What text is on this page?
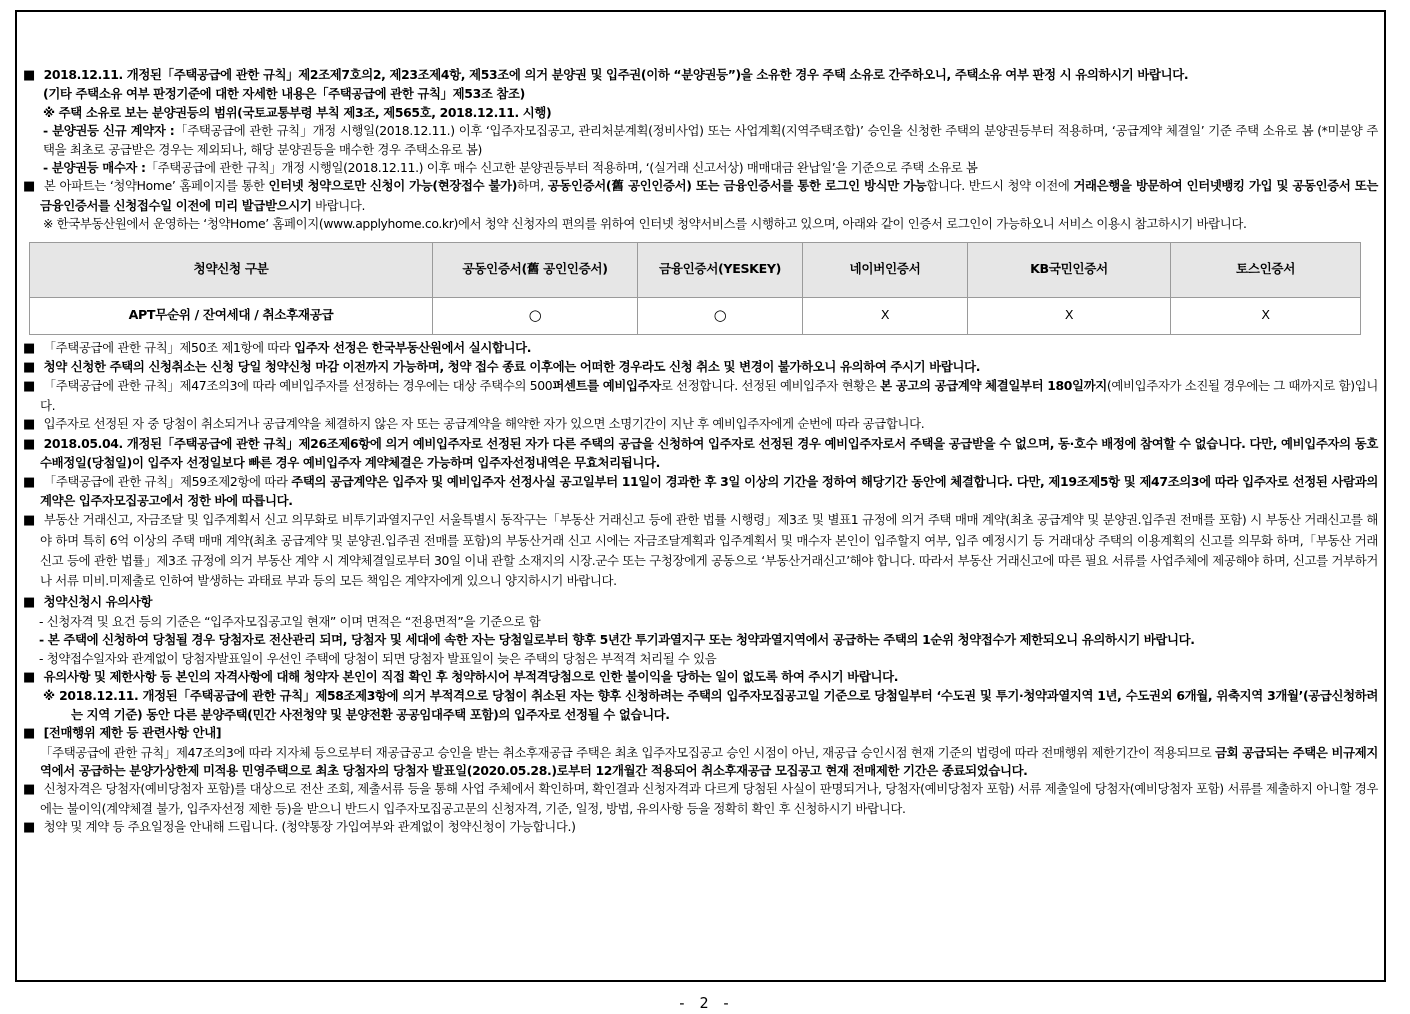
■ 2018.12.11. 개정된「주택공급에 관한 규칙」제2조제7호의2, 제23조제4항, 제53조에 의거 분양권 및 입주권(이하 “분양권등”)을 소유한 경우 주택 소유로 간주하오니, 주택소유 여부 판정 시 유의하시기 바랍니다.
(기타 주택소유 여부 판정기준에 대한 자세한 내용은「주택공급에 관한 규칙」제53조 참조)
※ 주택 소유로 보는 분양권등의 범위(국토교통부령 부칙 제3조, 제565호, 2018.12.11. 시행)
- 분양권등 신규 계약자 :「주택공급에 관한 규칙」개정 시행일(2018.12.11.) 이후 ‘입주자모집공고, 관리처분계획(정비사업) 또는 사업계획(지역주택조합)’ 승인을 신청한 주택의 분양권등부터 적용하며, ‘공급계약 체결일’ 기준 주택 소유로 봄 (*미분양 주택을 최초로 공급받은 경우는 제외되나, 해당 분양권등을 매수한 경우 주택소유로 봄)
- 분양권등 매수자 :「주택공급에 관한 규칙」개정 시행일(2018.12.11.) 이후 매수 신고한 분양권등부터 적용하며, ‘(실거래 신고서상) 매매대금 완납일’을 기준으로 주택 소유로 봄
■ 본 아파트는 ‘청약Home’ 홈페이지를 통한 인터넷 청약으로만 신청이 가능(현장접수 불가)하며, 공동인증서(舊 공인인증서) 또는 금융인증서를 통한 로그인 방식만 가능합니다. 반드시 청약 이전에 거래은행을 방문하여 인터넷뱅킹 가입 및 공동인증서 또는 금융인증서를 신청접수일 이전에 미리 발급받으시기 바랍니다.
※ 한국부동산원에서 운영하는 ‘청약Home’ 홈페이지(www.applyhome.co.kr)에서 청약 신청자의 편의를 위하여 인터넷 청약서비스를 시행하고 있으며, 아래와 같이 인증서 로그인이 가능하오니 서비스 이용시 참고하시기 바랍니다.
청약신청 구분	공동인증서(舊 공인인증서)	금융인증서(YESKEY)	네이버인증서	KB국민인증서	토스인증서
APT무순위 / 잔여세대 / 취소후재공급	○	○	X	X	X
■ 「주택공급에 관한 규칙」제50조 제1항에 따라 입주자 선정은 한국부동산원에서 실시합니다.
■ 청약 신청한 주택의 신청취소는 신청 당일 청약신청 마감 이전까지 가능하며, 청약 접수 종료 이후에는 어떠한 경우라도 신청 취소 및 변경이 불가하오니 유의하여 주시기 바랍니다.
■ 「주택공급에 관한 규칙」제47조의3에 따라 예비입주자를 선정하는 경우에는 대상 주택수의 500퍼센트를 예비입주자로 선정합니다. 선정된 예비입주자 현황은 본 공고의 공급계약 체결일부터 180일까지(예비입주자가 소진될 경우에는 그 때까지로 함)입니다.
■ 입주자로 선정된 자 중 당첨이 취소되거나 공급계약을 체결하지 않은 자 또는 공급계약을 해약한 자가 있으면 소명기간이 지난 후 예비입주자에게 순번에 따라 공급합니다.
■ 2018.05.04. 개정된「주택공급에 관한 규칙」제26조제6항에 의거 예비입주자로 선정된 자가 다른 주택의 공급을 신청하여 입주자로 선정된 경우 예비입주자로서 주택을 공급받을 수 없으며, 동·호수 배정에 참여할 수 없습니다. 다만, 예비입주자의 동호수배정일(당첨일)이 입주자 선정일보다 빠른 경우 예비입주자 계약체결은 가능하며 입주자선정내역은 무효처리됩니다.
■ 「주택공급에 관한 규칙」제59조제2항에 따라 주택의 공급계약은 입주자 및 예비입주자 선정사실 공고일부터 11일이 경과한 후 3일 이상의 기간을 정하여 해당기간 동안에 체결합니다. 다만, 제19조제5항 및 제47조의3에 따라 입주자로 선정된 사람과의 계약은 입주자모집공고에서 정한 바에 따릅니다.
■ 부동산 거래신고, 자금조달 및 입주계획서 신고 의무화로 비투기과열지구인 서울특별시 동작구는「부동산 거래신고 등에 관한 법률 시행령」제3조 및 별표1 규정에 의거 주택 매매 계약(최초 공급계약 및 분양권.입주권 전매를 포함) 시 부동산 거래신고를 해야 하며 특히 6억 이상의 주택 매매 계약(최초 공급계약 및 분양권.입주권 전매를 포함)의 부동산거래 신고 시에는 자금조달계획과 입주계획서 및 매수자 본인이 입주할지 여부, 입주 예정시기 등 거래대상 주택의 이용계획의 신고를 의무화 하며,「부동산 거래신고 등에 관한 법률」제3조 규정에 의거 부동산 계약 시 계약체결일로부터 30일 이내 관할 소재지의 시장.군수 또는 구청장에게 공동으로 ‘부동산거래신고’해야 합니다. 따라서 부동산 거래신고에 따른 필요 서류를 사업주체에 제공해야 하며, 신고를 거부하거나 서류 미비.미제출로 인하여 발생하는 과태료 부과 등의 모든 책임은 계약자에게 있으니 양지하시기 바랍니다.
■ 청약신청시 유의사항
- 신청자격 및 요건 등의 기준은 “입주자모집공고일 현재” 이며 면적은 “전용면적”을 기준으로 함
- 본 주택에 신청하여 당첨될 경우 당첨자로 전산관리 되며, 당첨자 및 세대에 속한 자는 당첨일로부터 향후 5년간 투기과열지구 또는 청약과열지역에서 공급하는 주택의 1순위 청약접수가 제한되오니 유의하시기 바랍니다.
- 청약접수일자와 관계없이 당첨자발표일이 우선인 주택에 당첨이 되면 당첨자 발표일이 늦은 주택의 당첨은 부적격 처리될 수 있음
■ 유의사항 및 제한사항 등 본인의 자격사항에 대해 청약자 본인이 직접 확인 후 청약하시어 부적격당첨으로 인한 불이익을 당하는 일이 없도록 하여 주시기 바랍니다.
※ 2018.12.11. 개정된「주택공급에 관한 규칙」제58조제3항에 의거 부적격으로 당첨이 취소된 자는 향후 신청하려는 주택의 입주자모집공고일 기준으로 당첨일부터 ‘수도권 및 투기·청약과열지역 1년, 수도권외 6개월, 위축지역 3개월’(공급신청하려는 지역 기준) 동안 다른 분양주택(민간 사전청약 및 분양전환 공공임대주택 포함)의 입주자로 선정될 수 없습니다.
■ [전매행위 제한 등 관련사항 안내]
「주택공급에 관한 규칙」제47조의3에 따라 지자체 등으로부터 재공급공고 승인을 받는 취소후재공급 주택은 최초 입주자모집공고 승인 시점이 아닌, 재공급 승인시점 현재 기준의 법령에 따라 전매행위 제한기간이 적용되므로 금회 공급되는 주택은 비규제지역에서 공급하는 분양가상한제 미적용 민영주택으로 최초 당첨자의 당첨자 발표일(2020.05.28.)로부터 12개월간 적용되어 취소후재공급 모집공고 현재 전매제한 기간은 종료되었습니다.
■ 신청자격은 당첨자(예비당첨자 포함)를 대상으로 전산 조회, 제출서류 등을 통해 사업 주체에서 확인하며, 확인결과 신청자격과 다르게 당첨된 사실이 판명되거나, 당첨자(예비당첨자 포함) 서류 제출일에 당첨자(예비당첨자 포함) 서류를 제출하지 아니할 경우에는 불이익(계약체결 불가, 입주자선정 제한 등)을 받으니 반드시 입주자모집공고문의 신청자격, 기준, 일정, 방법, 유의사항 등을 정확히 확인 후 신청하시기 바랍니다.
■ 청약 및 계약 등 주요일정을 안내해 드립니다. (청약통장 가입여부와 관계없이 청약신청이 가능합니다.)
- 2 -
